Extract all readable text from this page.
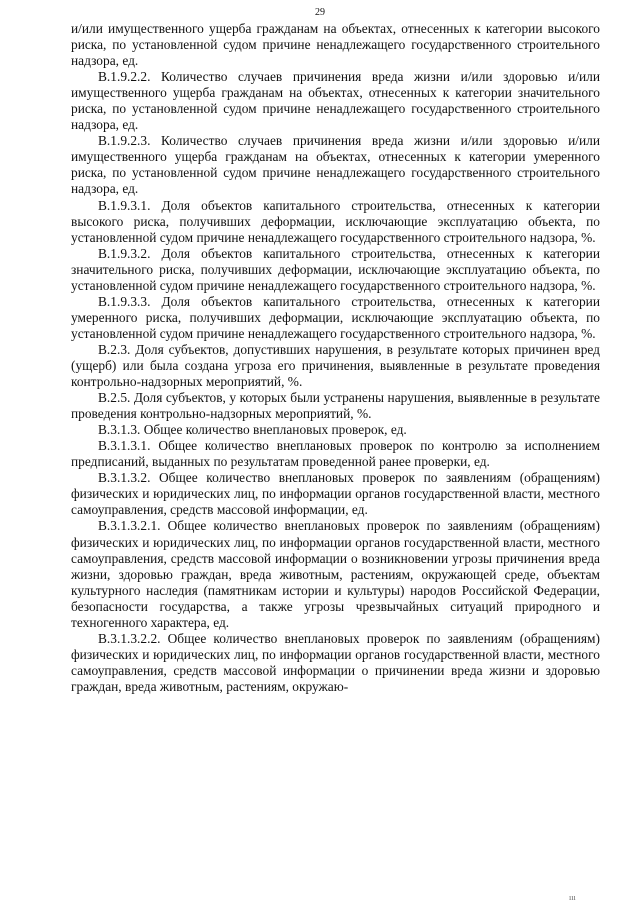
29

и/или имущественного ущерба гражданам на объектах, отнесенных к категории высокого риска, по установленной судом причине ненадлежащего государственного строительного надзора, ед.

В.1.9.2.2. Количество случаев причинения вреда жизни и/или здоровью и/или имущественного ущерба гражданам на объектах, отнесенных к категории значительного риска, по установленной судом причине ненадлежащего государственного строительного надзора, ед.

В.1.9.2.3. Количество случаев причинения вреда жизни и/или здоровью и/или имущественного ущерба гражданам на объектах, отнесенных к категории умеренного риска, по установленной судом причине ненадлежащего государственного строительного надзора, ед.

В.1.9.3.1. Доля объектов капитального строительства, отнесенных к категории высокого риска, получивших деформации, исключающие эксплуатацию объекта, по установленной судом причине ненадлежащего государственного строительного надзора, %.

В.1.9.3.2. Доля объектов капитального строительства, отнесенных к категории значительного риска, получивших деформации, исключающие эксплуатацию объекта, по установленной судом причине ненадлежащего государственного строительного надзора, %.

В.1.9.3.3. Доля объектов капитального строительства, отнесенных к категории умеренного риска, получивших деформации, исключающие эксплуатацию объекта, по установленной судом причине ненадлежащего государственного строительного надзора, %.

В.2.3. Доля субъектов, допустивших нарушения, в результате которых причинен вред (ущерб) или была создана угроза его причинения, выявленные в результате проведения контрольно-надзорных мероприятий, %.

В.2.5. Доля субъектов, у которых были устранены нарушения, выявленные в результате проведения контрольно-надзорных мероприятий, %.

В.3.1.3. Общее количество внеплановых проверок, ед.

В.3.1.3.1. Общее количество внеплановых проверок по контролю за исполнением предписаний, выданных по результатам проведенной ранее проверки, ед.

В.3.1.3.2. Общее количество внеплановых проверок по заявлениям (обращениям) физических и юридических лиц, по информации органов государственной власти, местного самоуправления, средств массовой информации, ед.

В.3.1.3.2.1. Общее количество внеплановых проверок по заявлениям (обращениям) физических и юридических лиц, по информации органов государственной власти, местного самоуправления, средств массовой информации о возникновении угрозы причинения вреда жизни, здоровью граждан, вреда животным, растениям, окружающей среде, объектам культурного наследия (памятникам истории и культуры) народов Российской Федерации, безопасности государства, а также угрозы чрезвычайных ситуаций природного и техногенного характера, ед.

В.3.1.3.2.2. Общее количество внеплановых проверок по заявлениям (обращениям) физических и юридических лиц, по информации органов государственной власти, местного самоуправления, средств массовой информации о причинении вреда жизни и здоровью граждан, вреда животным, растениям, окружаю-

ııı
